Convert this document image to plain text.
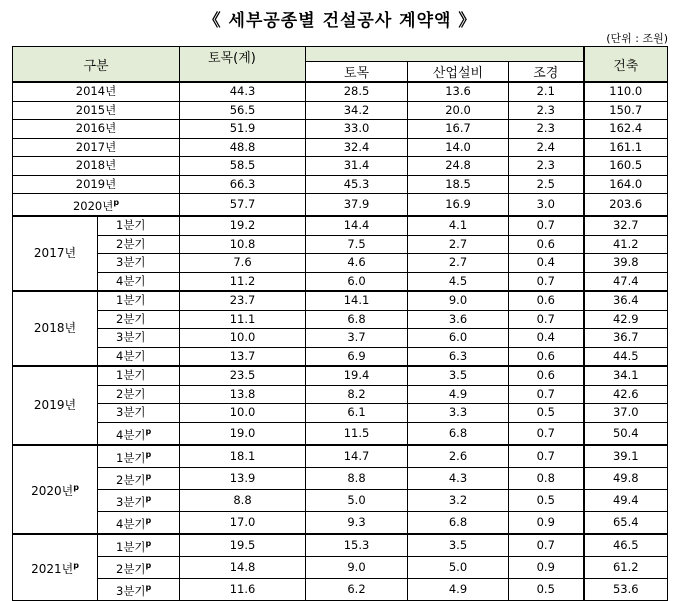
《 세부공종별 건설공사 계약액 》
(단위 : 조원)
구분		토목(계)				건축
			토목	산업설비	조경	
2014년		44.3	28.5	13.6	2.1	110.0
2015년		56.5	34.2	20.0	2.3	150.7
2016년		51.9	33.0	16.7	2.3	162.4
2017년		48.8	32.4	14.0	2.4	161.1
2018년		58.5	31.4	24.8	2.3	160.5
2019년		66.3	45.3	18.5	2.5	164.0
2020년$^p$		57.7	37.9	16.9	3.0	203.6
2017년	1분기	19.2	14.4	4.1	0.7	32.7
	2분기	10.8	7.5	2.7	0.6	41.2
	3분기	7.6	4.6	2.7	0.4	39.8
	4분기	11.2	6.0	4.5	0.7	47.4
2018년	1분기	23.7	14.1	9.0	0.6	36.4
	2분기	11.1	6.8	3.6	0.7	42.9
	3분기	10.0	3.7	6.0	0.4	36.7
	4분기	13.7	6.9	6.3	0.6	44.5
2019년	1분기	23.5	19.4	3.5	0.6	34.1
	2분기	13.8	8.2	4.9	0.7	42.6
	3분기	10.0	6.1	3.3	0.5	37.0
	4분기$^p$	19.0	11.5	6.8	0.7	50.4
2020년$^p$	1분기$^p$	18.1	14.7	2.6	0.7	39.1
	2분기$^p$	13.9	8.8	4.3	0.8	49.8
	3분기$^p$	8.8	5.0	3.2	0.5	49.4
	4분기$^p$	17.0	9.3	6.8	0.9	65.4
2021년$^p$	1분기$^p$	19.5	15.3	3.5	0.7	46.5
	2분기$^p$	14.8	9.0	5.0	0.9	61.2
	3분기$^p$	11.6	6.2	4.9	0.5	53.6
